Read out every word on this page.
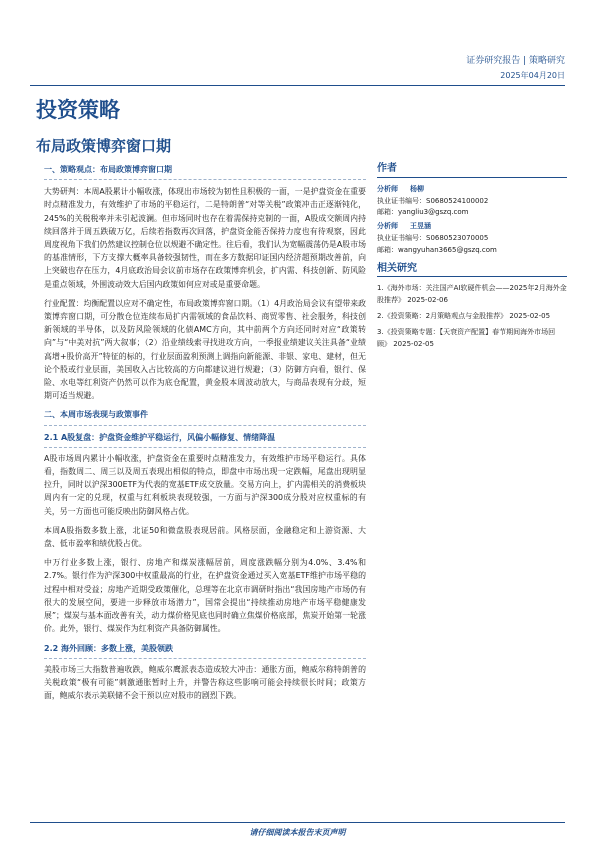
证券研究报告 | 策略研究
2025年04月20日
投资策略
布局政策博弈窗口期
一、策略观点：布局政策博弈窗口期

大势研判：本周A股累计小幅收涨，体现出市场较为韧性且积极的一面，一是护盘资金在重要时点精准发力，有效维护了市场的平稳运行，二是特朗普“对等关税”政策冲击正逐渐钝化，245%的关税税率并未引起波澜。但市场同时也存在着需保持克制的一面，A股成交额周内持续回落并于周五跌破万亿，后续若指数再次回落，护盘资金能否保持力度也有待观察，因此周度视角下我们仍然建议控制仓位以规避不确定性。往后看，我们认为宽幅震荡仍是A股市场的基准情形，下方支撑大概率具备较强韧性，而在多方数据印证国内经济超预期改善前，向上突破也存在压力，4月底政治局会议前市场存在政策博弈机会，扩内需、科技创新、防风险是重点领域，外围波动效大后国内政策如何应对或是重要命题。

行业配置：均衡配置以应对不确定性，布局政策博弈窗口期。（1）4月政治局会议有望带来政策博弈窗口期，可分散仓位连续布局扩内需领域的食品饮料、商贸零售、社会服务，科技创新领域的半导体，以及防风险领域的化债AMC方向，其中前两个方向还同时对应“政策转向”与“中美对抗”两大叙事；（2）沿业绩线索寻找进攻方向，一季报业绩建议关注具备“业绩高增+股价高开”特征的标的，行业层面盈利预测上调指向新能源、非银、家电、建材，但无论个股或行业层面，美国收入占比较高的方向都建议进行规避；（3）防御方向看，银行、保险、水电等红利资产仍然可以作为底仓配置，黄金股本周波动放大，与商品表现有分歧，短期可适当规避。

二、本周市场表现与政策事件
2.1 A股复盘：护盘资金维护平稳运行，风偏小幅修复、情绪降温

A股市场周内累计小幅收涨，护盘资金在重要时点精准发力，有效维护市场平稳运行。具体看，指数周二、周三以及周五表现出相似的特点，即盘中市场出现一定跌幅，尾盘出现明显拉升，同时以沪深300ETF为代表的宽基ETF成交放量。交易方向上，扩内需相关的消费板块周内有一定的兑现，权重与红利板块表现较强，一方面与沪深300成分股对应权重标的有关，另一方面也可能反映出防御风格占优。

本周A股指数多数上涨，北证50和微盘股表现居前。风格层面，金融稳定和上游资源、大盘、低市盈率和绩优股占优。

中万行业多数上涨，银行、房地产和煤炭涨幅居前，周度涨跌幅分别为4.0%、3.4%和2.7%。银行作为沪深300中权重最高的行业，在护盘资金通过买入宽基ETF维护市场平稳的过程中相对受益；房地产近期受政策催化，总理等在北京市调研时指出“我国房地产市场仍有很大的发展空间，要进一步释放市场潜力”，国常会提出“持续推动房地产市场平稳健康发展”；煤炭与基本面改善有关，动力煤价格见底也同时确立焦煤价格底部，焦炭开始第一轮涨价。此外，银行、煤炭作为红利资产具备防御属性。

2.2 海外回顾：多数上涨，美股领跌

美股市场三大指数普遍收跌，鲍威尔鹰派表态造成较大冲击：通胀方面，鲍威尔称特朗普的关税政策“极有可能”刺激通胀暂时上升，并警告称这些影响可能会持续很长时间；政策方面，鲍威尔表示美联储不会干预以应对股市的剧烈下跌。

作者
分析师 杨柳
执业证书编号：S0680524100002
邮箱：yangliu3@gszq.com
分析师 王昱涵
执业证书编号：S0680523070005
邮箱：wangyuhan3665@gszq.com
相关研究
1.《海外市场：关注国产AI软硬件机会——2025年2月海外金股推荐》 2025-02-06
2.《投资策略：2月策略观点与金股推荐》 2025-02-05
3.《投资策略专题：【天衰资产配置】春节期间海外市场回顾》 2025-02-05
请仔细阅读本报告末页声明
